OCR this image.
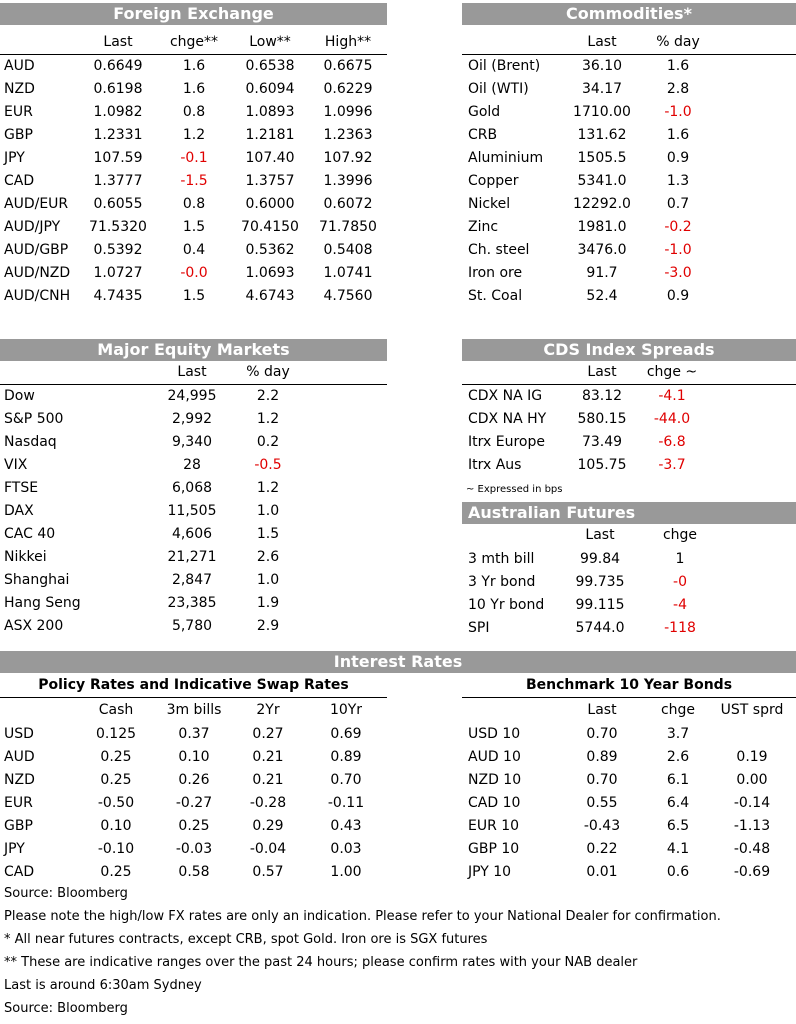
Foreign Exchange
Last	chge**	Low**	High**
AUD	0.6649	1.6	0.6538	0.6675
NZD	0.6198	1.6	0.6094	0.6229
EUR	1.0982	0.8	1.0893	1.0996
GBP	1.2331	1.2	1.2181	1.2363
JPY	107.59	-0.1	107.40	107.92
CAD	1.3777	-1.5	1.3757	1.3996
AUD/EUR	0.6055	0.8	0.6000	0.6072
AUD/JPY	71.5320	1.5	70.4150	71.7850
AUD/GBP	0.5392	0.4	0.5362	0.5408
AUD/NZD	1.0727	-0.0	1.0693	1.0741
AUD/CNH	4.7435	1.5	4.6743	4.7560
Commodities*
Last	% day
Oil (Brent)	36.10	1.6
Oil (WTI)	34.17	2.8
Gold	1710.00	-1.0
CRB	131.62	1.6
Aluminium	1505.5	0.9
Copper	5341.0	1.3
Nickel	12292.0	0.7
Zinc	1981.0	-0.2
Ch. steel	3476.0	-1.0
Iron ore	91.7	-3.0
St. Coal	52.4	0.9
Major Equity Markets
Last	% day
Dow	24,995	2.2
S&P 500	2,992	1.2
Nasdaq	9,340	0.2
VIX	28	-0.5
FTSE	6,068	1.2
DAX	11,505	1.0
CAC 40	4,606	1.5
Nikkei	21,271	2.6
Shanghai	2,847	1.0
Hang Seng	23,385	1.9
ASX 200	5,780	2.9
CDS Index Spreads
Last	chge ~
CDX NA IG	83.12	-4.1
CDX NA HY	580.15	-44.0
Itrx Europe	73.49	-6.8
Itrx Aus	105.75	-3.7
~ Expressed in bps
Australian Futures
Last	chge
3 mth bill	99.84	1
3 Yr bond	99.735	-0
10 Yr bond	99.115	-4
SPI	5744.0	-118
Interest Rates
Policy Rates and Indicative Swap Rates	Benchmark 10 Year Bonds
Cash	3m bills	2Yr	10Yr
USD	0.125	0.37	0.27	0.69
AUD	0.25	0.10	0.21	0.89
NZD	0.25	0.26	0.21	0.70
EUR	-0.50	-0.27	-0.28	-0.11
GBP	0.10	0.25	0.29	0.43
JPY	-0.10	-0.03	-0.04	0.03
CAD	0.25	0.58	0.57	1.00
Last	chge	UST sprd
USD 10	0.70	3.7
AUD 10	0.89	2.6	0.19
NZD 10	0.70	6.1	0.00
CAD 10	0.55	6.4	-0.14
EUR 10	-0.43	6.5	-1.13
GBP 10	0.22	4.1	-0.48
JPY 10	0.01	0.6	-0.69
Source: Bloomberg
Please note the high/low FX rates are only an indication. Please refer to your National Dealer for confirmation.
* All near futures contracts, except CRB, spot Gold. Iron ore is SGX futures
** These are indicative ranges over the past 24 hours; please confirm rates with your NAB dealer
Last is around 6:30am Sydney
Source: Bloomberg
